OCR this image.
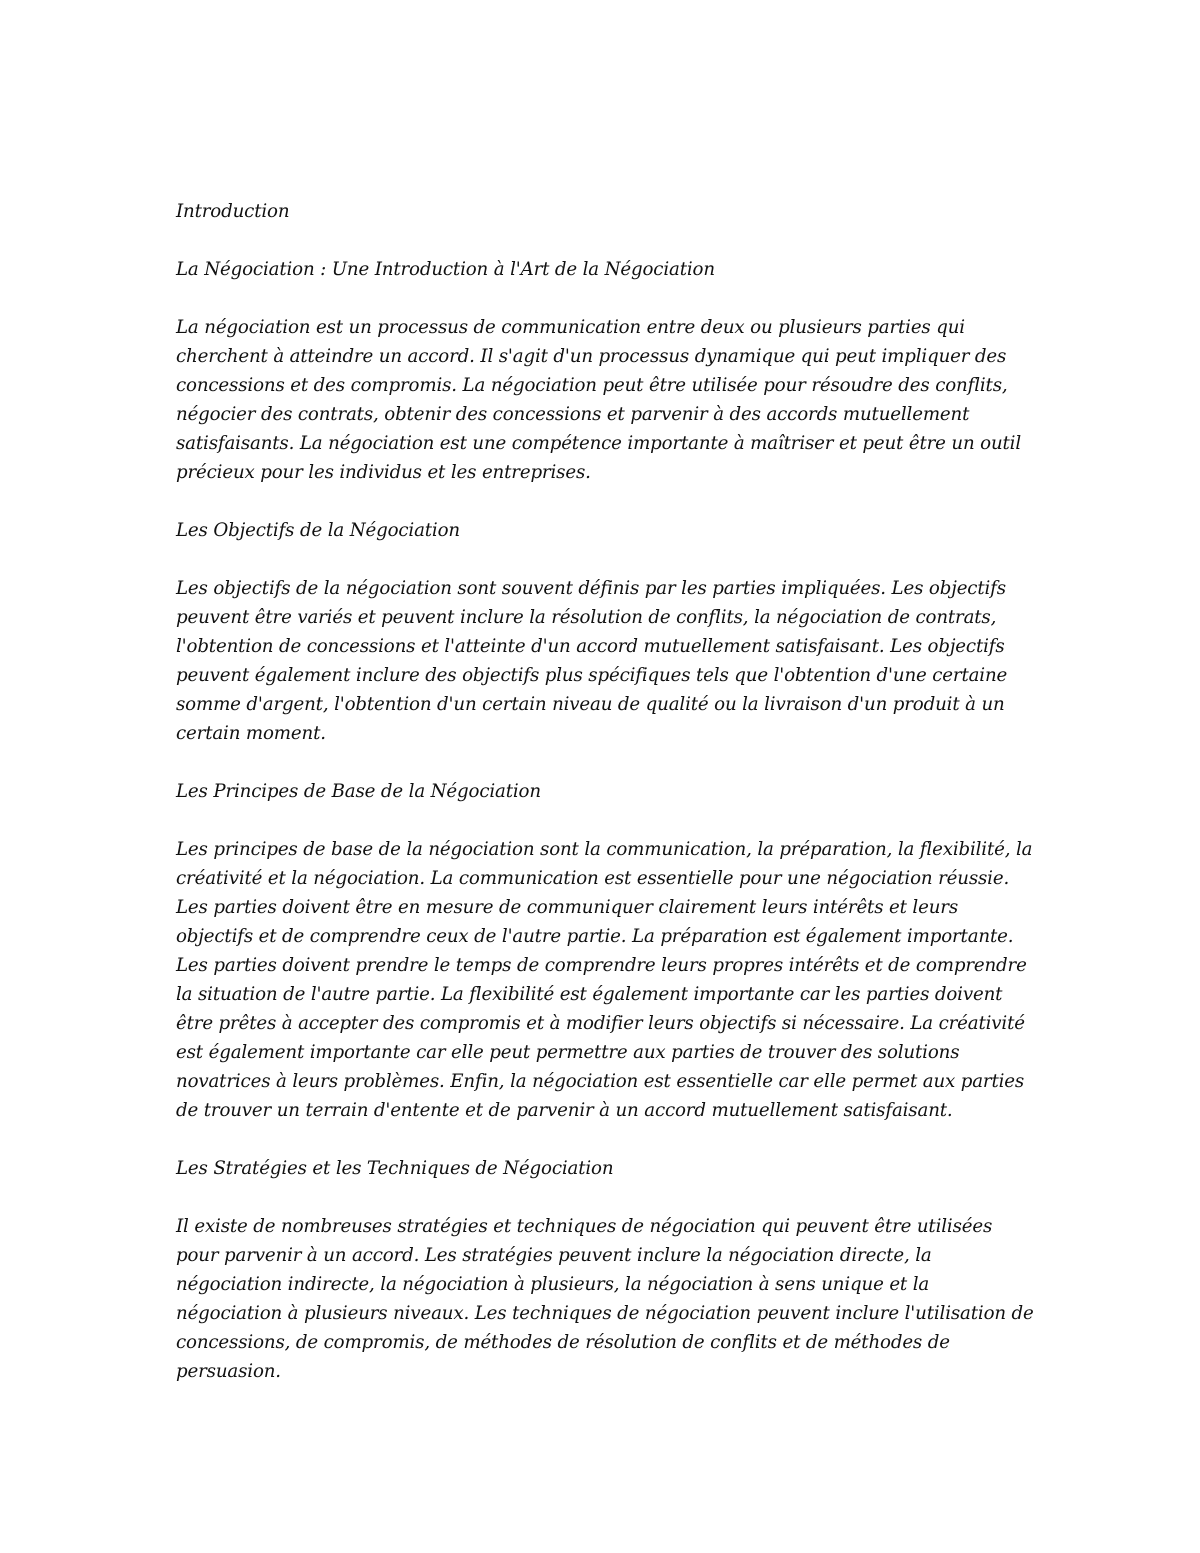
Introduction

La Négociation : Une Introduction à l'Art de la Négociation

La négociation est un processus de communication entre deux ou plusieurs parties qui cherchent à atteindre un accord. Il s'agit d'un processus dynamique qui peut impliquer des concessions et des compromis. La négociation peut être utilisée pour résoudre des conflits, négocier des contrats, obtenir des concessions et parvenir à des accords mutuellement satisfaisants. La négociation est une compétence importante à maîtriser et peut être un outil précieux pour les individus et les entreprises.

Les Objectifs de la Négociation

Les objectifs de la négociation sont souvent définis par les parties impliquées. Les objectifs peuvent être variés et peuvent inclure la résolution de conflits, la négociation de contrats, l'obtention de concessions et l'atteinte d'un accord mutuellement satisfaisant. Les objectifs peuvent également inclure des objectifs plus spécifiques tels que l'obtention d'une certaine somme d'argent, l'obtention d'un certain niveau de qualité ou la livraison d'un produit à un certain moment.

Les Principes de Base de la Négociation

Les principes de base de la négociation sont la communication, la préparation, la flexibilité, la créativité et la négociation. La communication est essentielle pour une négociation réussie. Les parties doivent être en mesure de communiquer clairement leurs intérêts et leurs objectifs et de comprendre ceux de l'autre partie. La préparation est également importante. Les parties doivent prendre le temps de comprendre leurs propres intérêts et de comprendre la situation de l'autre partie. La flexibilité est également importante car les parties doivent être prêtes à accepter des compromis et à modifier leurs objectifs si nécessaire. La créativité est également importante car elle peut permettre aux parties de trouver des solutions novatrices à leurs problèmes. Enfin, la négociation est essentielle car elle permet aux parties de trouver un terrain d'entente et de parvenir à un accord mutuellement satisfaisant.

Les Stratégies et les Techniques de Négociation

Il existe de nombreuses stratégies et techniques de négociation qui peuvent être utilisées pour parvenir à un accord. Les stratégies peuvent inclure la négociation directe, la négociation indirecte, la négociation à plusieurs, la négociation à sens unique et la négociation à plusieurs niveaux. Les techniques de négociation peuvent inclure l'utilisation de concessions, de compromis, de méthodes de résolution de conflits et de méthodes de persuasion.
